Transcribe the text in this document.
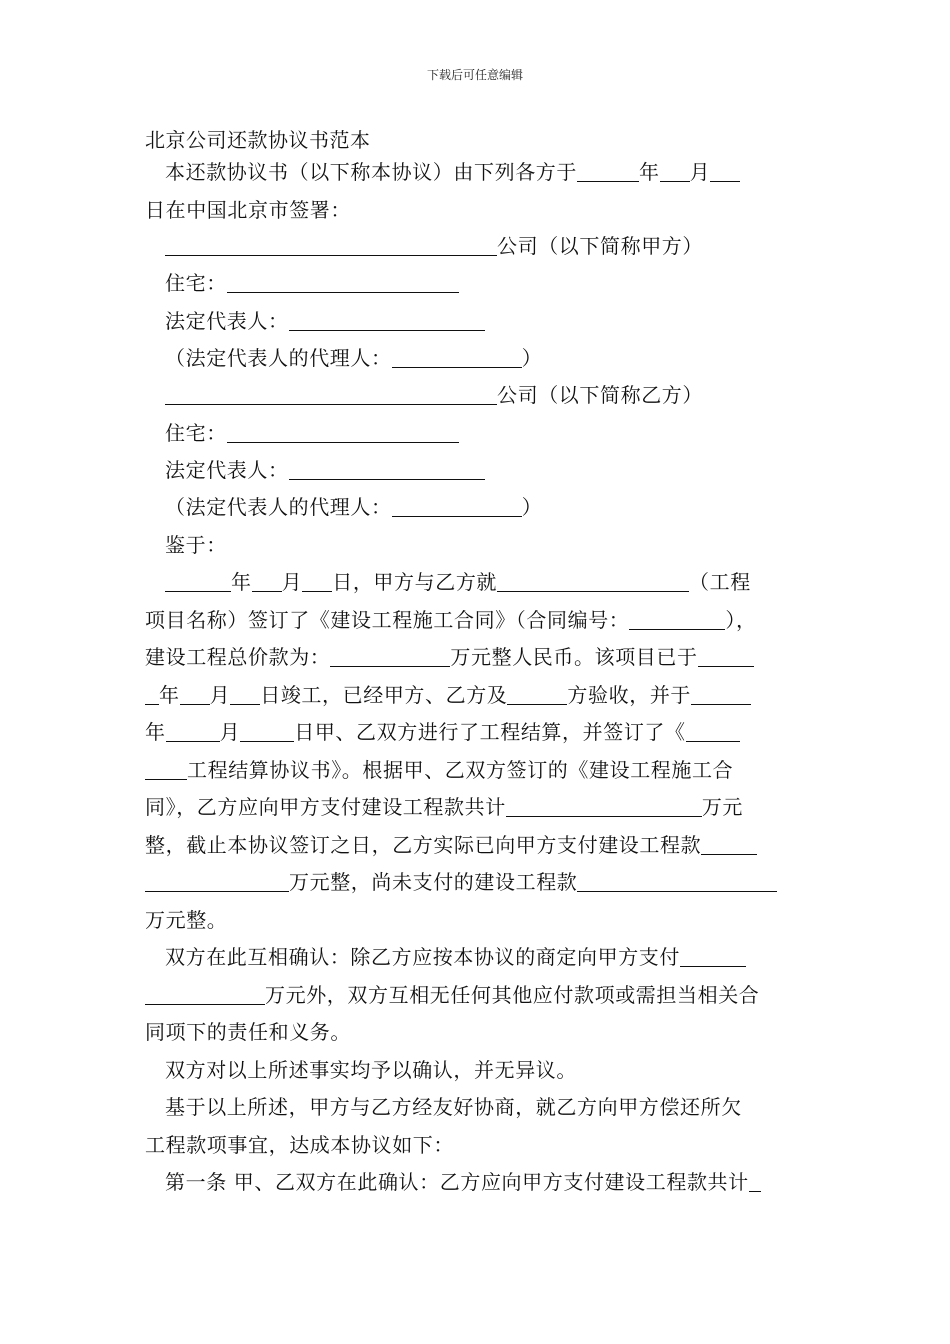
下载后可任意编辑
北京公司还款协议书范本
本还款协议书（以下称本协议）由下列各方于	年 月
日在中国北京市签署：
公司（以下简称甲方）
住宅：
法定代表人：
（法定代表人的代理人：	）
公司（以下简称乙方）
住宅：
法定代表人：
（法定代表人的代理人：	）
鉴于：
年 月 日，甲方与乙方就	（工程
项目名称）签订了《建设工程施工合同》（合同编号：	），
建设工程总价款为：	万元整人民币。该项目已于
年 月 日竣工，已经甲方、乙方及	方验收，并于
年	月	日甲、乙双方进行了工程结算，并签订了《
工程结算协议书》。根据甲、乙双方签订的《建设工程施工合
同》，乙方应向甲方支付建设工程款共计	万元
整，截止本协议签订之日，乙方实际已向甲方支付建设工程款
万元整，尚未支付的建设工程款
万元整。
双方在此互相确认：除乙方应按本协议的商定向甲方支付
万元外，双方互相无任何其他应付款项或需担当相关合
同项下的责任和义务。
双方对以上所述事实均予以确认，并无异议。
基于以上所述，甲方与乙方经友好协商，就乙方向甲方偿还所欠
工程款项事宜，达成本协议如下：
第一条 甲、乙双方在此确认：乙方应向甲方支付建设工程款共计
